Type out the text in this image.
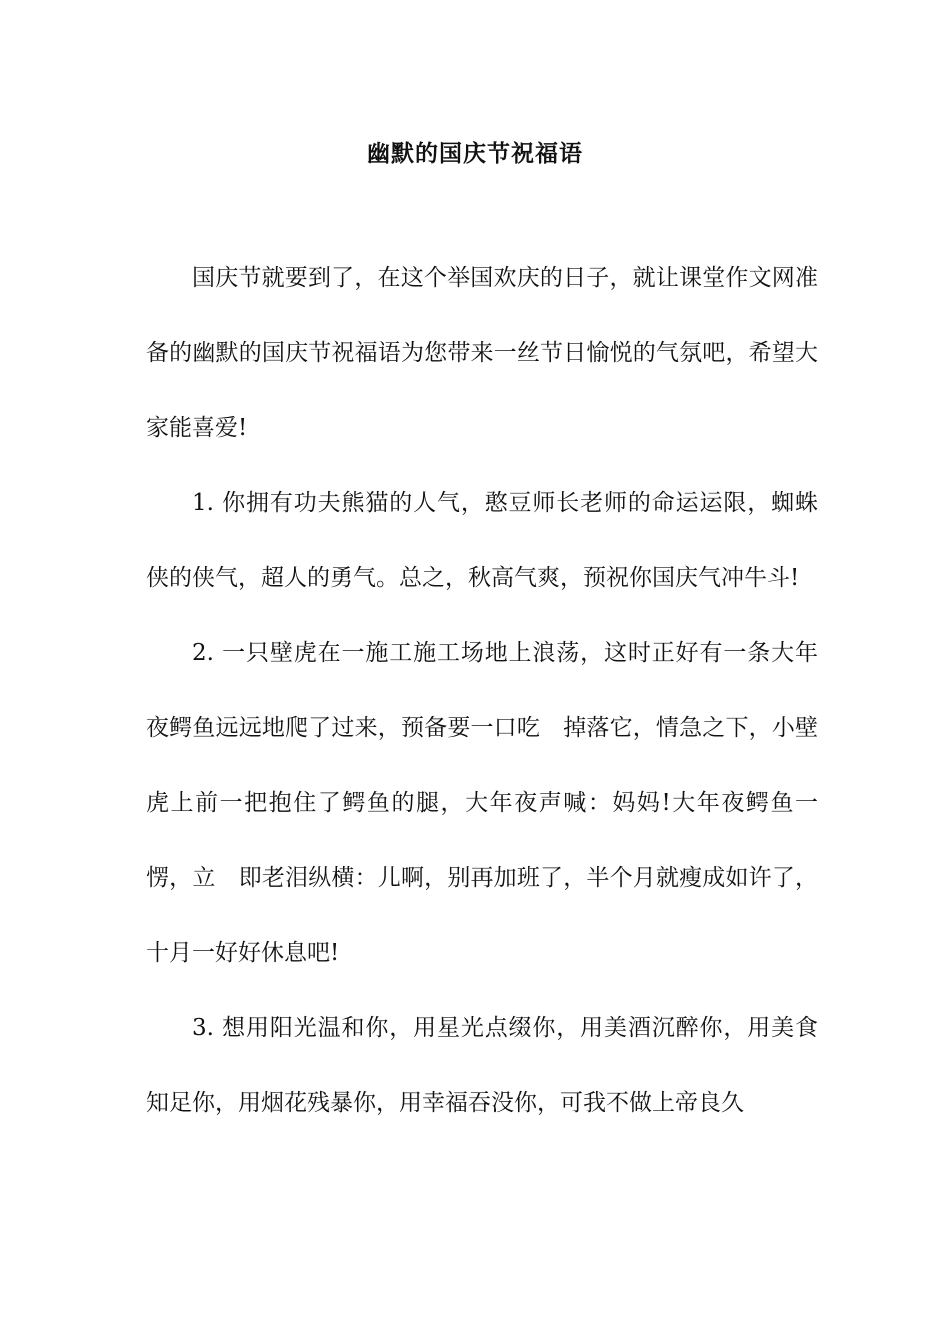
幽默的国庆节祝福语

国庆节就要到了，在这个举国欢庆的日子，就让课堂作文网准备的幽默的国庆节祝福语为您带来一丝节日愉悦的气氛吧，希望大家能喜爱!

1. 你拥有功夫熊猫的人气，憨豆师长老师的命运运限，蜘蛛侠的侠气，超人的勇气。总之，秋高气爽，预祝你国庆气冲牛斗!

2. 一只壁虎在一施工施工场地上浪荡，这时正好有一条大年夜鳄鱼远远地爬了过来，预备要一口吃　掉落它，情急之下，小壁虎上前一把抱住了鳄鱼的腿，大年夜声喊：妈妈!大年夜鳄鱼一愣，立　即老泪纵横：儿啊，别再加班了，半个月就瘦成如许了，十月一好好休息吧!

3. 想用阳光温和你，用星光点缀你，用美酒沉醉你，用美食知足你，用烟花残暴你，用幸福吞没你，可我不做上帝良久
